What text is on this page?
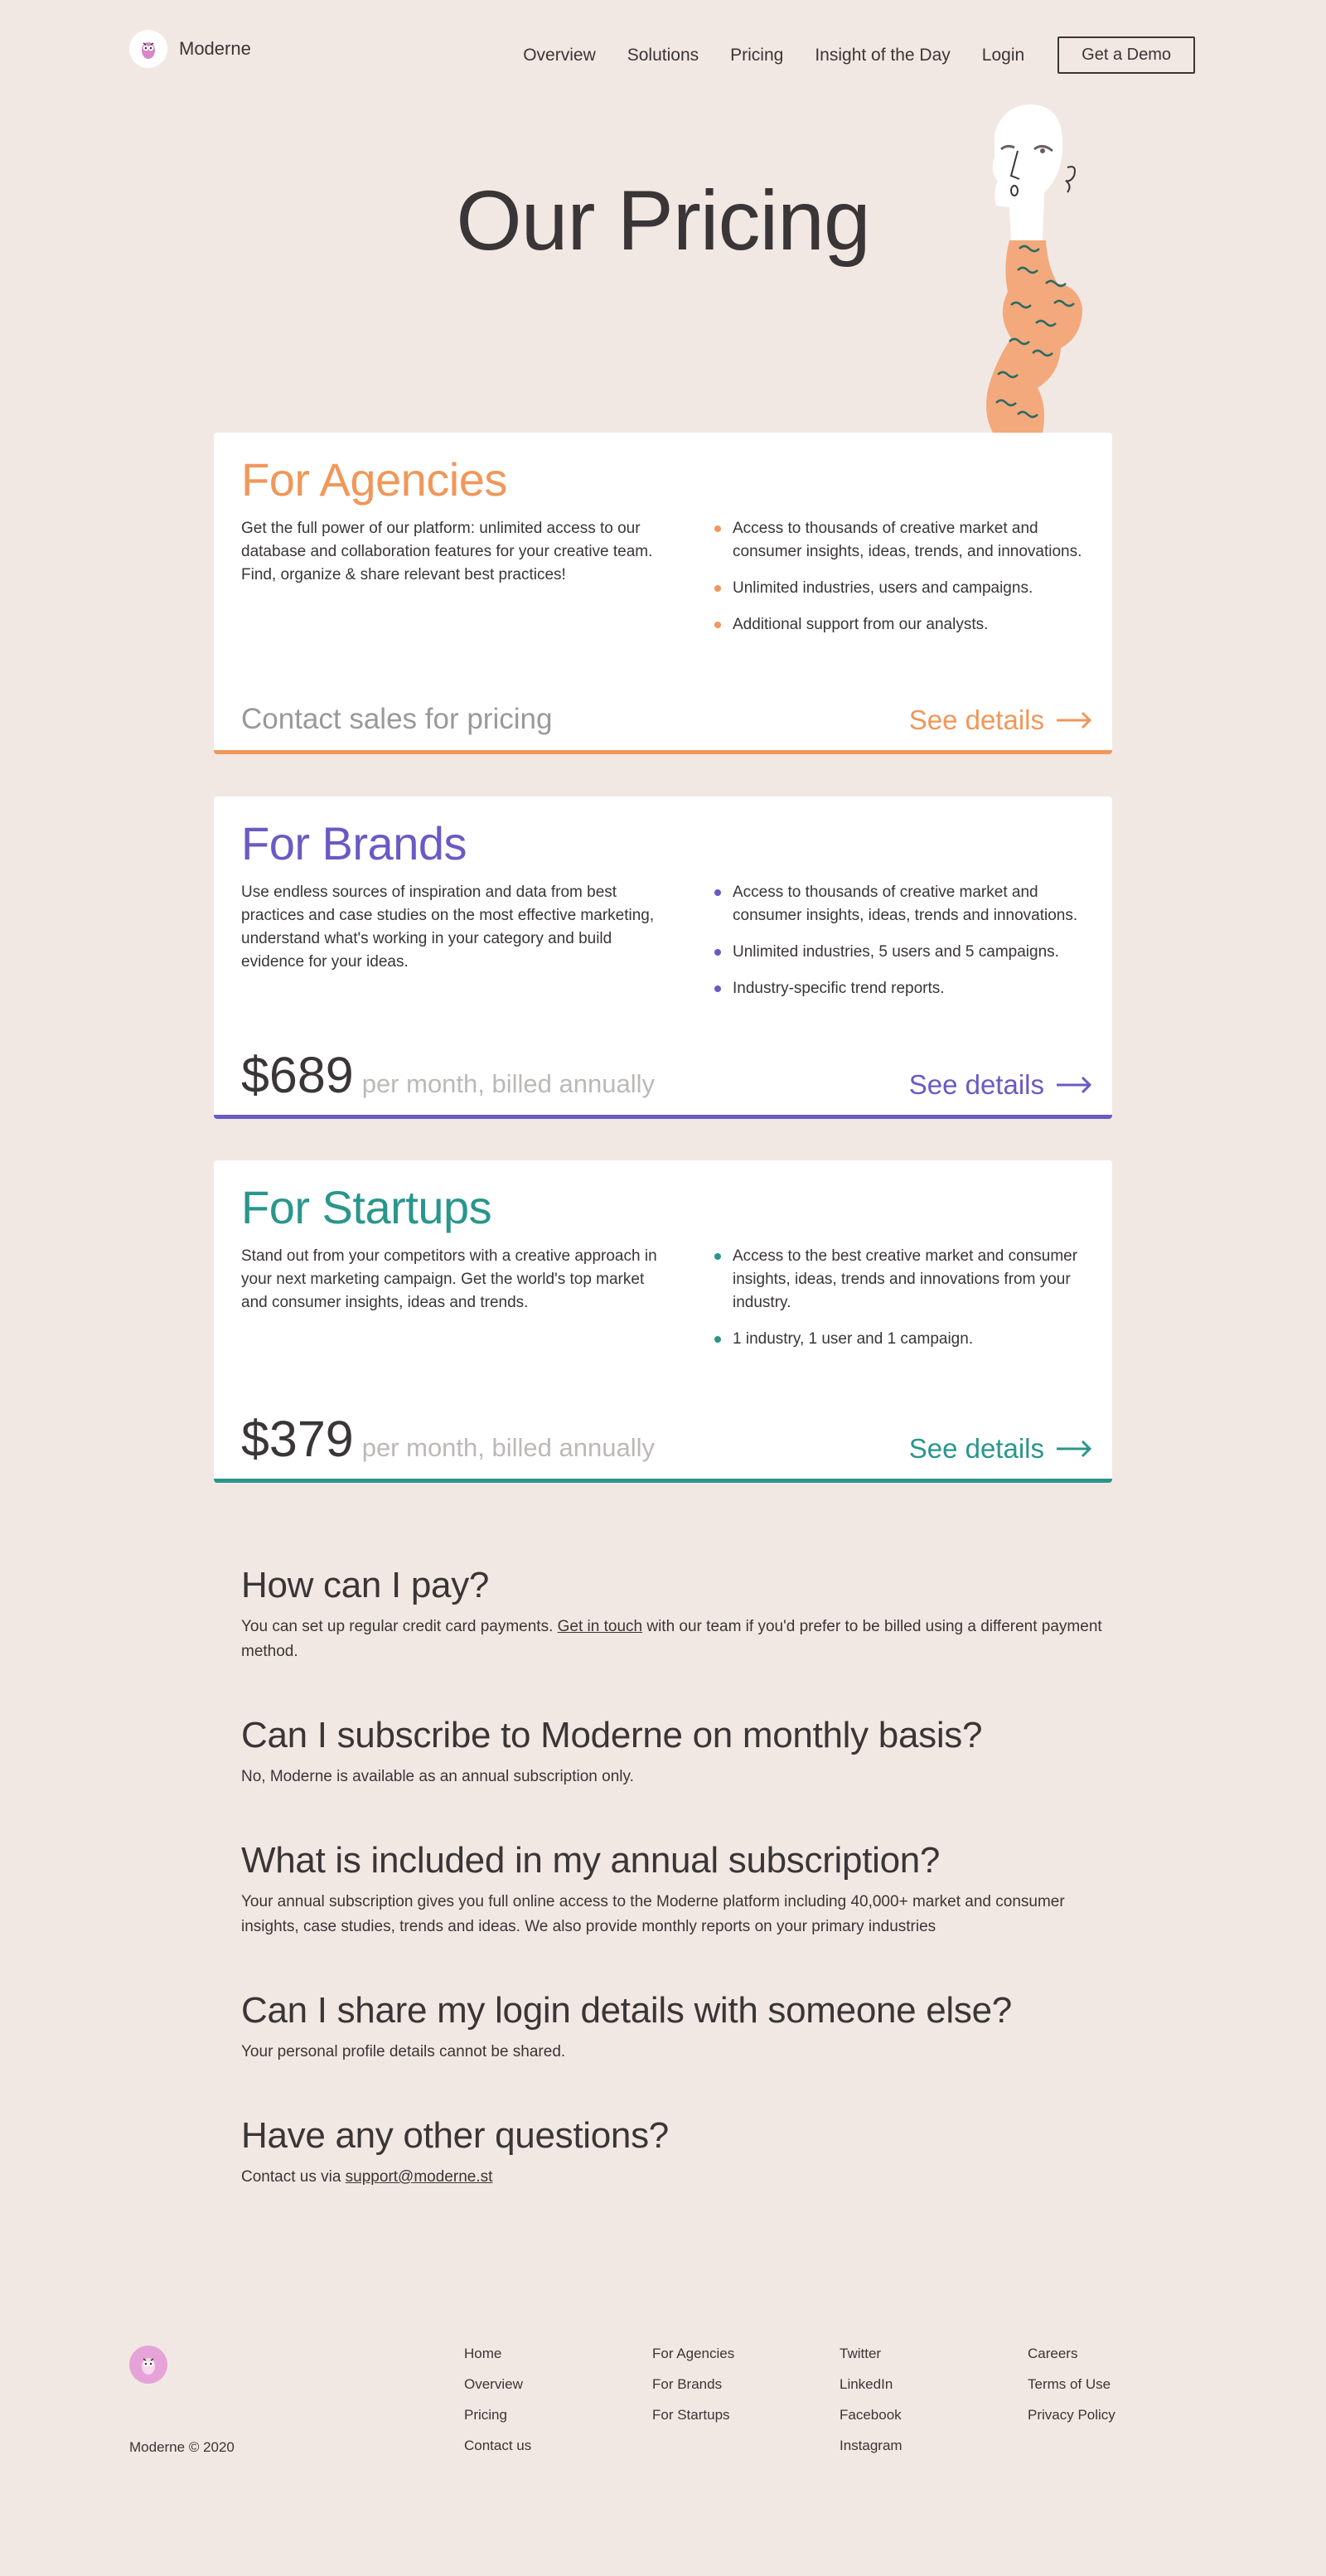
Moderne	Overview Solutions Pricing Insight of the Day Login	Get a Demo
Our Pricing
For Agencies

Get the full power of our platform: unlimited access to our database and collaboration features for your creative team. Find, organize & share relevant best practices!

Access to thousands of creative market and consumer insights, ideas, trends, and innovations.
Unlimited industries, users and campaigns.
Additional support from our analysts.
Contact sales for pricing	See details
For Brands

Use endless sources of inspiration and data from best practices and case studies on the most effective marketing, understand what's working in your category and build evidence for your ideas.

Access to thousands of creative market and consumer insights, ideas, trends and innovations.
Unlimited industries, 5 users and 5 campaigns.
Industry-specific trend reports.
$689 per month, billed annually	See details
For Startups

Stand out from your competitors with a creative approach in your next marketing campaign. Get the world's top market and consumer insights, ideas and trends.

Access to the best creative market and consumer insights, ideas, trends and innovations from your industry.
1 industry, 1 user and 1 campaign.
$379 per month, billed annually	See details
How can I pay?

You can set up regular credit card payments. Get in touch with our team if you'd prefer to be billed using a different payment method.

Can I subscribe to Moderne on monthly basis?

No, Moderne is available as an annual subscription only.

What is included in my annual subscription?

Your annual subscription gives you full online access to the Moderne platform including 40,000+ market and consumer insights, case studies, trends and ideas. We also provide monthly reports on your primary industries

Can I share my login details with someone else?

Your personal profile details cannot be shared.

Have any other questions?

Contact us via support@moderne.st

Moderne © 2020
Home
Overview
Pricing
Contact us
For Agencies
For Brands
For Startups
Twitter
LinkedIn
Facebook
Instagram
Careers
Terms of Use
Privacy Policy
